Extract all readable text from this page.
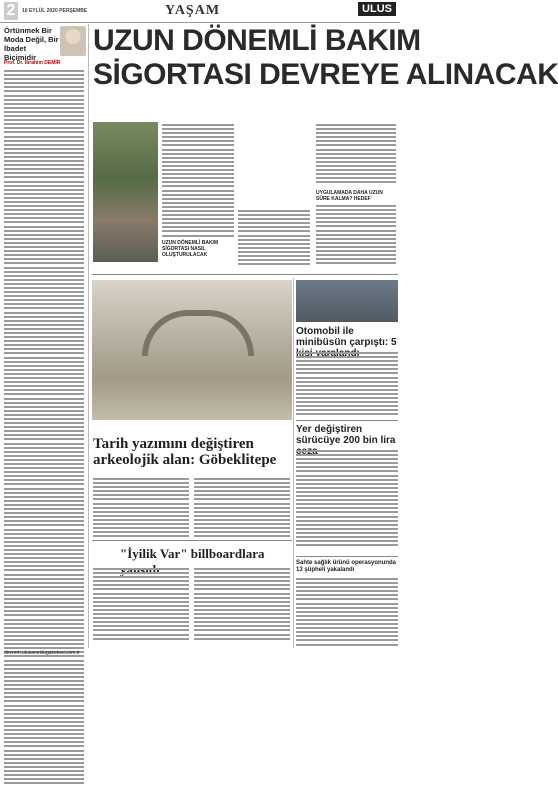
2	10 EYLÜL 2020 PERŞEMBE	YAŞAM	ULUS
Örtünmek Bir Moda Değil, Bir İbadet Biçimidir
Prof. Dr. İbrahim DEMİR
UZUN DÖNEMLİ BAKIM
SİGORTASI DEVREYE ALINACAK
UZUN DÖNEMLİ BAKIM SİGORTASI NASIL OLUŞTURULACAK
UYGULAMADA DAHA UZUN SÜRE KALMA? HEDEF
Tarih yazımını değiştiren
arkeolojik alan: Göbeklitepe
"İyilik Var" billboardlara
Otomobil ile minibüsün çarpıştı: 5
Yer değiştiren sürücüye 200 bin lira
Sahte sağlık ürünü operasyonunda 13 şüpheli yakalandı
devrem.ulusaneslugazetesi.com.tr
